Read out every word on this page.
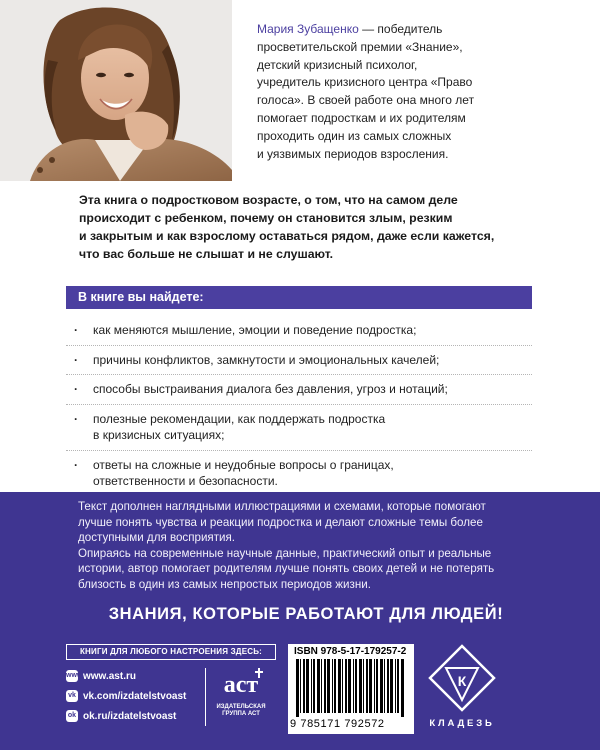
Мария Зубащенко — победитель
просветительской премии «Знание»,
детский кризисный психолог,
учредитель кризисного центра «Право
голоса». В своей работе она много лет
помогает подросткам и их родителям
проходить один из самых сложных
и уязвимых периодов взросления.
Эта книга о подростковом возрасте, о том, что на самом деле
происходит с ребенком, почему он становится злым, резким
и закрытым и как взрослому оставаться рядом, даже если кажется,
что вас больше не слышат и не слушают.
В книге вы найдете:
·	как меняются мышление, эмоции и поведение подростка;
·	причины конфликтов, замкнутости и эмоциональных качелей;
·	способы выстраивания диалога без давления, угроз и нотаций;
·	полезные рекомендации, как поддержать подростка
в кризисных ситуациях;
·	ответы на сложные и неудобные вопросы о границах,
ответственности и безопасности.

Текст дополнен наглядными иллюстрациями и схемами, которые помогают
лучше понять чувства и реакции подростка и делают сложные темы более
доступными для восприятия.

Опираясь на современные научные данные, практический опыт и реальные
истории, автор помогает родителям лучше понять своих детей и не потерять
близость в один из самых непростых периодов жизни.

ЗНАНИЯ, КОТОРЫЕ РАБОТАЮТ ДЛЯ ЛЮДЕЙ!
КНИГИ ДЛЯ ЛЮБОГО НАСТРОЕНИЯ ЗДЕСЬ:
www www.ast.ru
vk vk.com/izdatelstvoast
ok ok.ru/izdatelstvoast
аст
ИЗДАТЕЛЬСКАЯ
ГРУППА АСТ
ISBN 978-5-17-179257-2
9 785171 792572
К
КЛАДЕЗЬ
